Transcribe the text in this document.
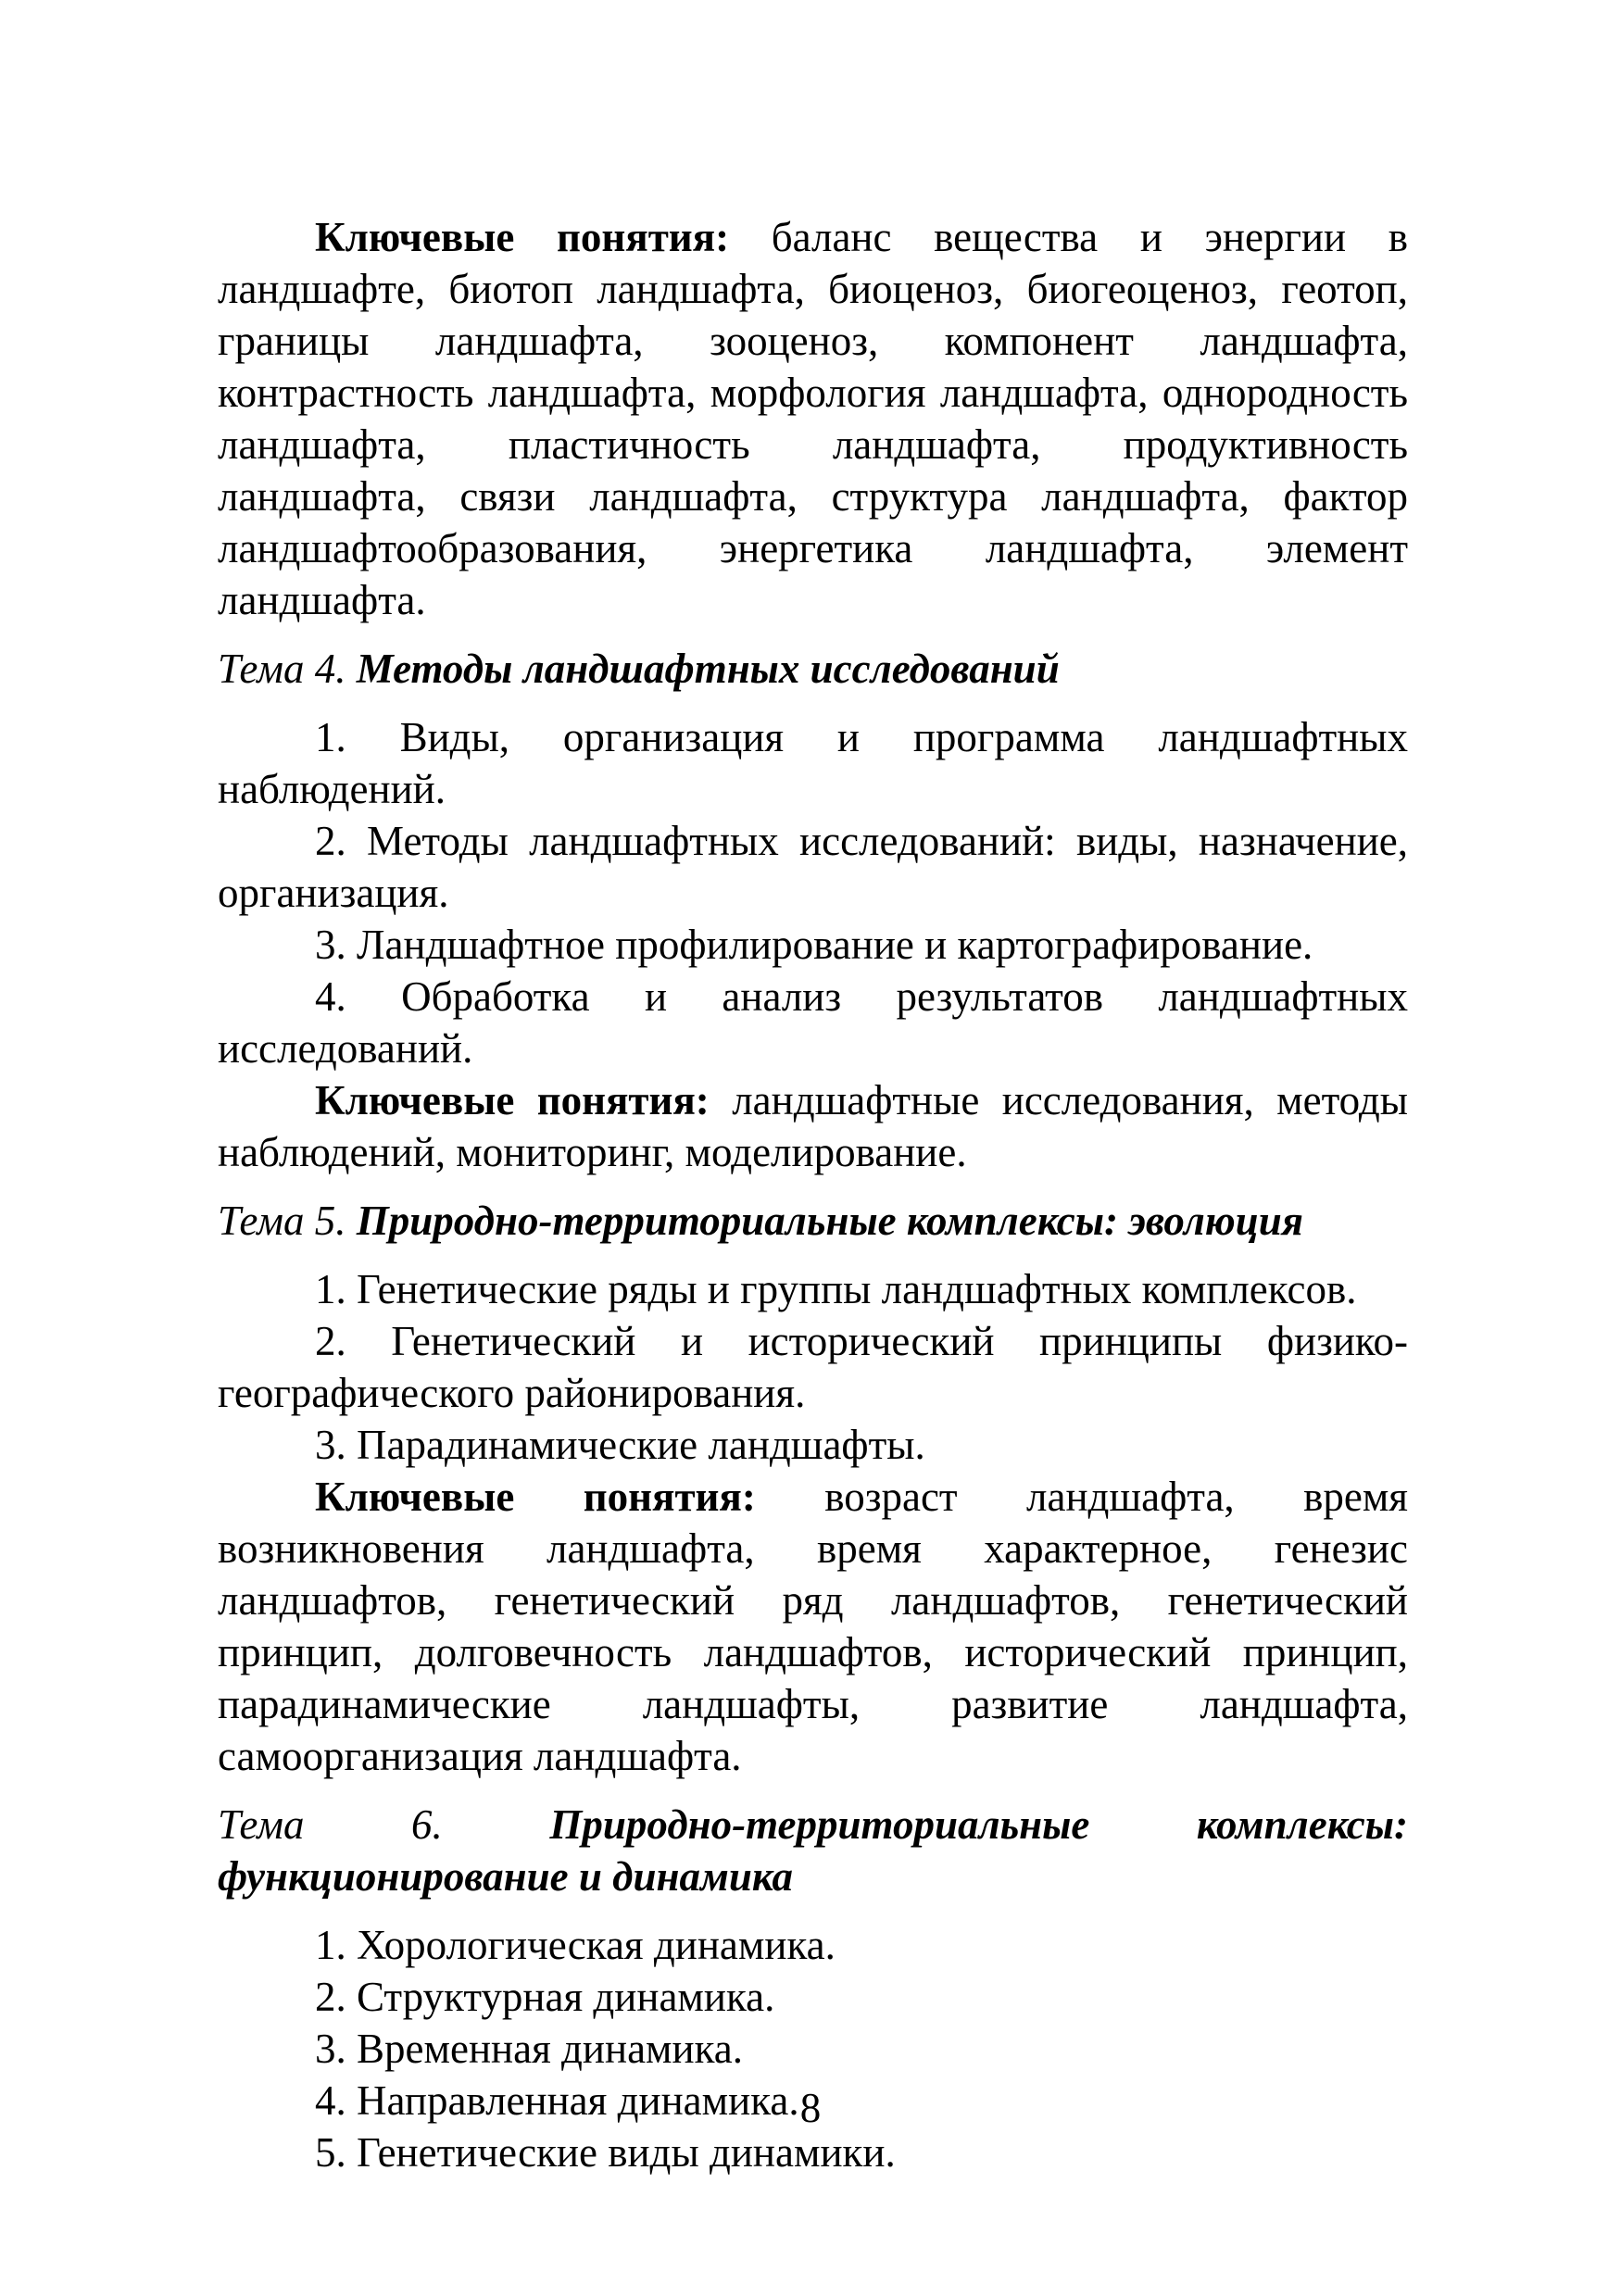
Ключевые понятия: баланс вещества и энергии в ландшафте, биотоп ландшафта, биоценоз, биогеоценоз, геотоп, границы ландшафта, зооценоз, компонент ландшафта, контрастность ландшафта, морфология ландшафта, однородность ландшафта, пластичность ландшафта, продуктивность ландшафта, связи ландшафта, структура ландшафта, фактор ландшафтообразования, энергетика ландшафта, элемент ландшафта.

Тема 4. Методы ландшафтных исследований

1. Виды, организация и программа ландшафтных наблюдений.

2. Методы ландшафтных исследований: виды, назначение, организация.

3. Ландшафтное профилирование и картографирование.

4. Обработка и анализ результатов ландшафтных исследований.

Ключевые понятия: ландшафтные исследования, методы наблюдений, мониторинг, моделирование.

Тема 5. Природно-территориальные комплексы: эволюция

1. Генетические ряды и группы ландшафтных комплексов.

2. Генетический и исторический принципы физико-географического районирования.

3. Парадинамические ландшафты.

Ключевые понятия: возраст ландшафта, время возникновения ландшафта, время характерное, генезис ландшафтов, генетический ряд ландшафтов, генетический принцип, долговечность ландшафтов, исторический принцип, парадинамические ландшафты, развитие ландшафта, самоорганизация ландшафта.

Тема 6. Природно-территориальные комплексы: функционирование и динамика

1. Хорологическая динамика.

2. Структурная динамика.

3. Временная динамика.

4. Направленная динамика.

5. Генетические виды динамики.

8
